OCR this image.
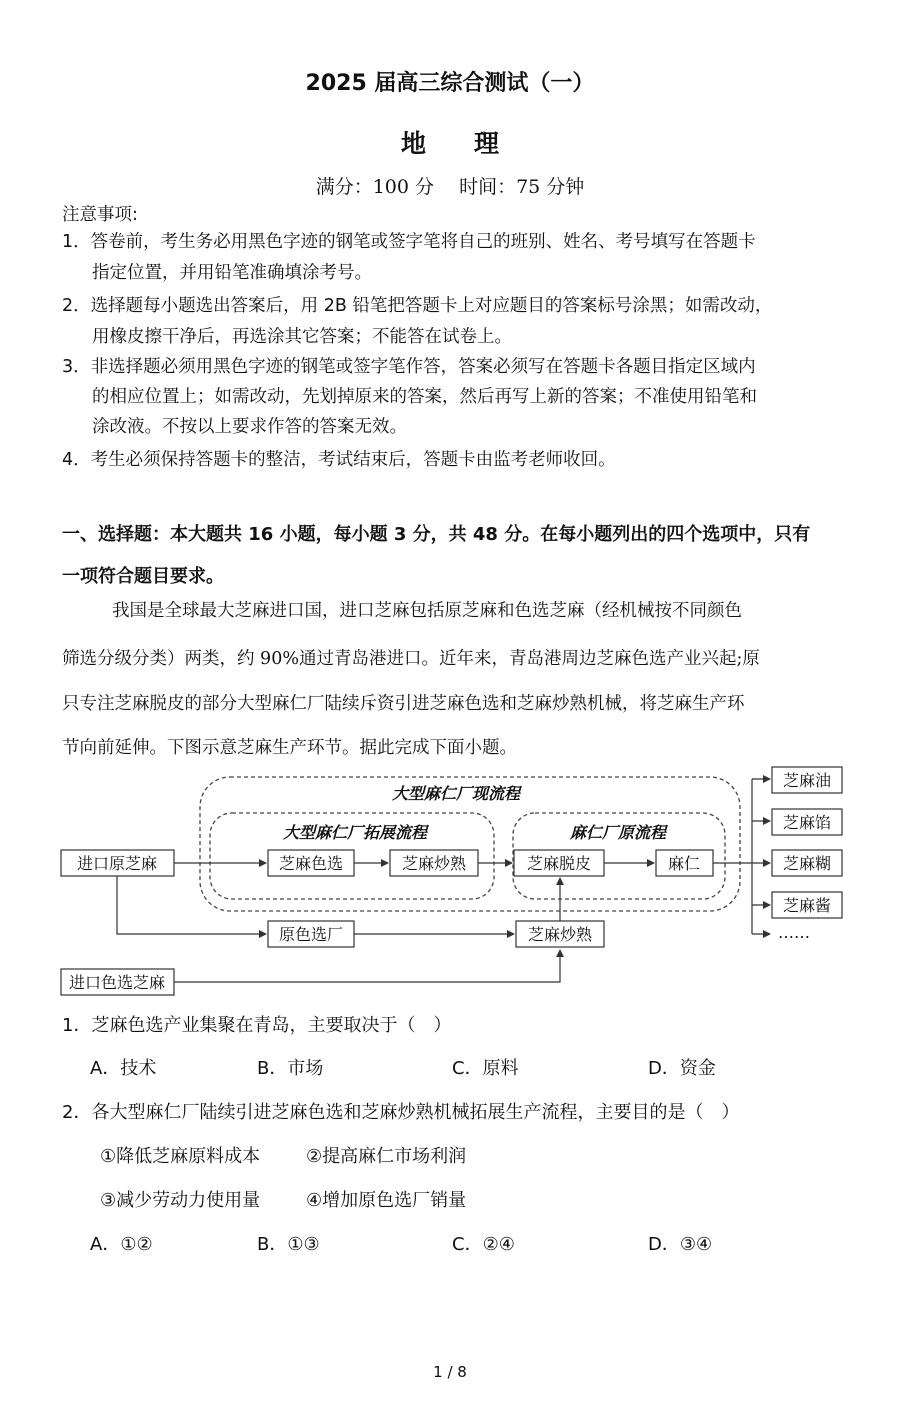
2025 届高三综合测试（一）
地理
满分：100 分　 时间：75 分钟
注意事项:
1．答卷前，考生务必用黑色字迹的钢笔或签字笔将自己的班别、姓名、考号填写在答题卡
指定位置，并用铅笔准确填涂考号。
2．选择题每小题选出答案后，用 2B 铅笔把答题卡上对应题目的答案标号涂黑；如需改动，
用橡皮擦干净后，再选涂其它答案；不能答在试卷上。
3．非选择题必须用黑色字迹的钢笔或签字笔作答，答案必须写在答题卡各题目指定区域内
的相应位置上；如需改动，先划掉原来的答案，然后再写上新的答案；不准使用铅笔和
涂改液。不按以上要求作答的答案无效。
4．考生必须保持答题卡的整洁，考试结束后，答题卡由监考老师收回。
一、选择题：本大题共 16 小题，每小题 3 分，共 48 分。在每小题列出的四个选项中，只有
一项符合题目要求。
我国是全球最大芝麻进口国，进口芝麻包括原芝麻和色选芝麻（经机械按不同颜色
筛选分级分类）两类，约 90%通过青岛港进口。近年来，青岛港周边芝麻色选产业兴起;原
只专注芝麻脱皮的部分大型麻仁厂陆续斥资引进芝麻色选和芝麻炒熟机械，将芝麻生产环
节向前延伸。下图示意芝麻生产环节。据此完成下面小题。
大型麻仁厂现流程
大型麻仁厂拓展流程	麻仁厂原流程
进口原芝麻	芝麻色选	芝麻炒熟	芝麻脱皮	麻仁
原色选厂	芝麻炒熟
进口色选芝麻
芝麻油
芝麻馅
芝麻糊
芝麻酱
……
1．芝麻色选产业集聚在青岛，主要取决于（　）
A．技术	B．市场	C．原料	D．资金
2．各大型麻仁厂陆续引进芝麻色选和芝麻炒熟机械拓展生产流程，主要目的是（　）
①降低芝麻原料成本	②提高麻仁市场利润
③减少劳动力使用量	④增加原色选厂销量
A．①②	B．①③	C．②④	D．③④
1 / 8
